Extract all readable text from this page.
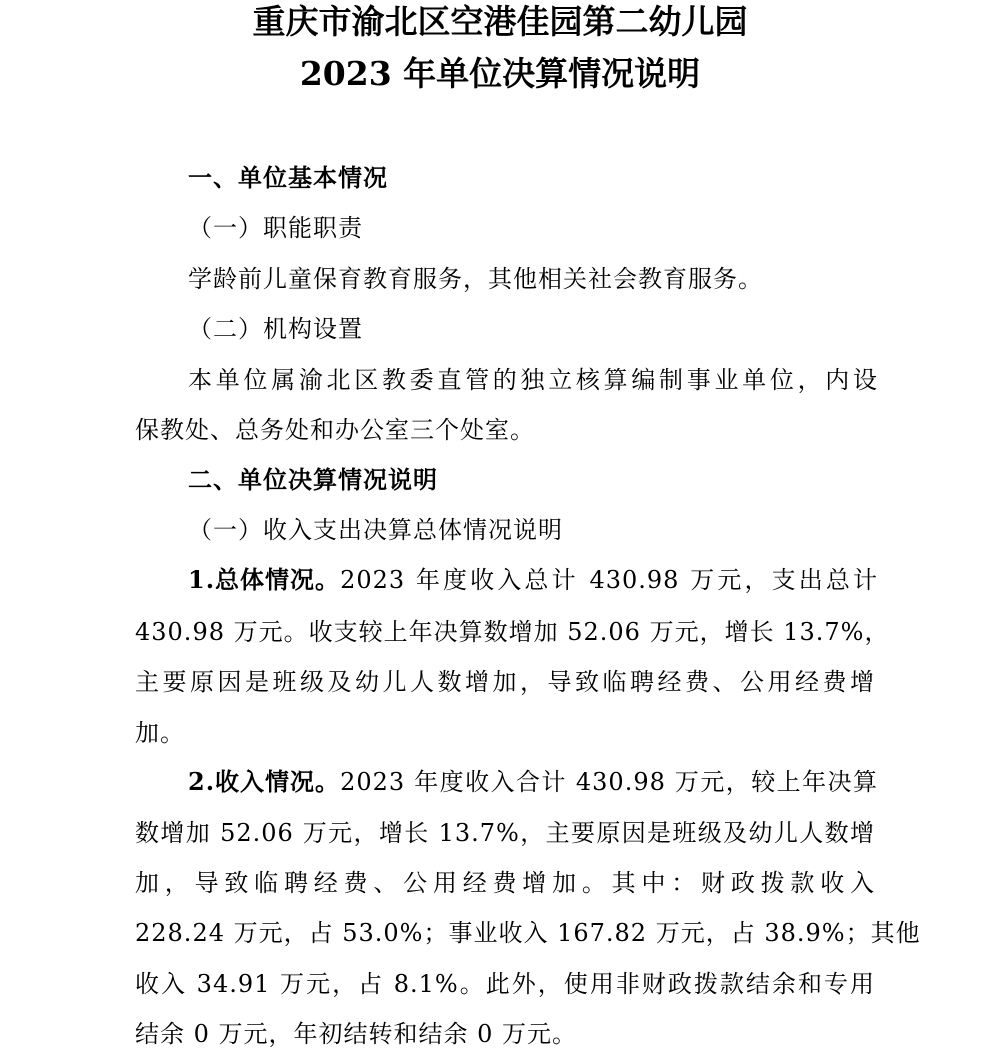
重庆市渝北区空港佳园第二幼儿园
2023 年单位决算情况说明
一、单位基本情况
（一）职能职责
学龄前儿童保育教育服务，其他相关社会教育服务。
（二）机构设置
本单位属渝北区教委直管的独立核算编制事业单位，内设
保教处、总务处和办公室三个处室。
二、单位决算情况说明
（一）收入支出决算总体情况说明
1.总体情况。 2023 年度收入总计 430.98 万元，支出总计
430.98 万元。收支较上年决算数增加 52.06 万元，增长 13.7%，
主要原因是班级及幼儿人数增加，导致临聘经费、公用经费增
加。
2.收入情况。 2023 年度收入合计 430.98 万元，较上年决算
数增加 52.06 万元，增长 13.7%，主要原因是班级及幼儿人数增
加，导致临聘经费、公用经费增加。其中：财政拨款收入
228.24 万元，占 53.0%；事业收入 167.82 万元，占 38.9%；其他
收入 34.91 万元，占 8.1%。此外，使用非财政拨款结余和专用
结余 0 万元，年初结转和结余 0 万元。
